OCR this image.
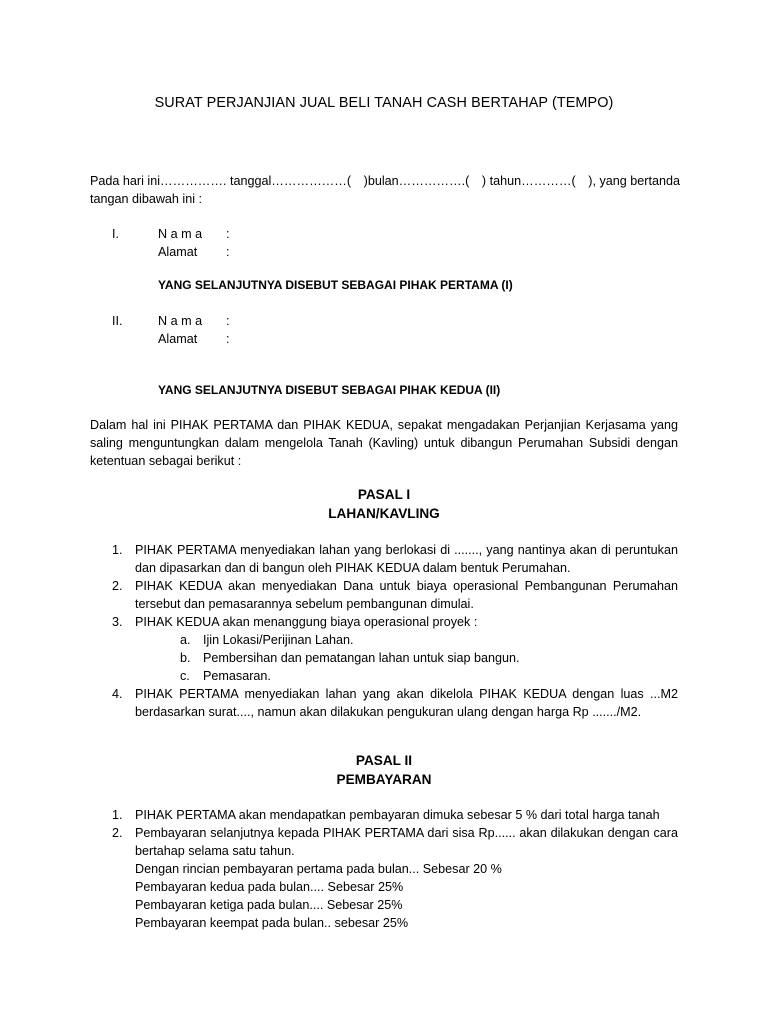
SURAT PERJANJIAN JUAL BELI TANAH CASH BERTAHAP (TEMPO)
Pada hari ini……………. tanggal………………( )bulan…………….( ) tahun…………( ), yang bertanda
tangan dibawah ini :
I.	N a m a :
Alamat :
YANG SELANJUTNYA DISEBUT SEBAGAI PIHAK PERTAMA (I)
II.	N a m a :
Alamat :
YANG SELANJUTNYA DISEBUT SEBAGAI PIHAK KEDUA (II)
Dalam hal ini PIHAK PERTAMA dan PIHAK KEDUA, sepakat mengadakan Perjanjian Kerjasama yang saling menguntungkan dalam mengelola Tanah (Kavling) untuk dibangun Perumahan Subsidi dengan ketentuan sebagai berikut :
PASAL I
LAHAN/KAVLING
1. PIHAK PERTAMA menyediakan lahan yang berlokasi di ......., yang nantinya akan di peruntukan dan dipasarkan dan di bangun oleh PIHAK KEDUA dalam bentuk Perumahan.
2. PIHAK KEDUA akan menyediakan Dana untuk biaya operasional Pembangunan Perumahan tersebut dan pemasarannya sebelum pembangunan dimulai.
3. PIHAK KEDUA akan menanggung biaya operasional proyek :
a. Ijin Lokasi/Perijinan Lahan.
b. Pembersihan dan pematangan lahan untuk siap bangun.
c. Pemasaran.
4. PIHAK PERTAMA menyediakan lahan yang akan dikelola PIHAK KEDUA dengan luas ...M2 berdasarkan surat...., namun akan dilakukan pengukuran ulang dengan harga Rp ......./M2.
PASAL II
PEMBAYARAN
1. PIHAK PERTAMA akan mendapatkan pembayaran dimuka sebesar 5 % dari total harga tanah
2. Pembayaran selanjutnya kepada PIHAK PERTAMA dari sisa Rp...... akan dilakukan dengan cara bertahap selama satu tahun.
Dengan rincian pembayaran pertama pada bulan... Sebesar 20 %
Pembayaran kedua pada bulan.... Sebesar 25%
Pembayaran ketiga pada bulan.... Sebesar 25%
Pembayaran keempat pada bulan.. sebesar 25%
